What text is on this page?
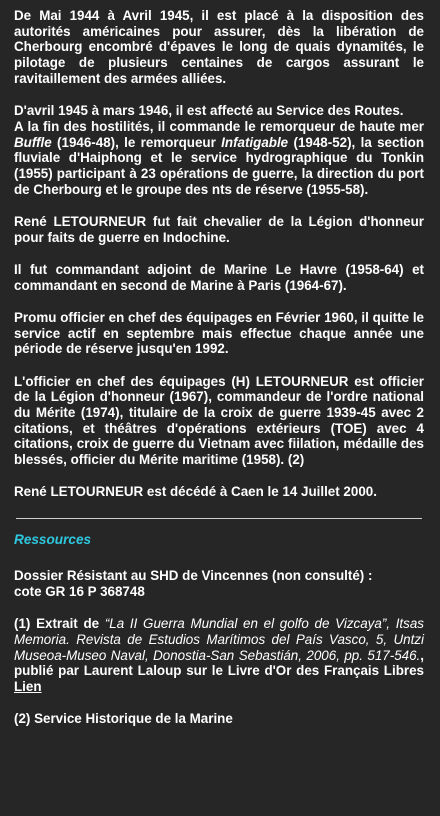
De Mai 1944 à Avril 1945, il est placé à la disposition des autorités américaines pour assurer, dès la libération de Cherbourg encombré d'épaves le long de quais dynamités, le pilotage de plusieurs centaines de cargos assurant le ravitaillement des armées alliées.

D'avril 1945 à mars 1946, il est affecté au Service des Routes.
A la fin des hostilités, il commande le remorqueur de haute mer Buffle (1946-48), le remorqueur Infatigable (1948-52), la section fluviale d'Haiphong et le service hydrographique du Tonkin (1955) participant à 23 opérations de guerre, la direction du port de Cherbourg et le groupe des nts de réserve (1955-58).

René LETOURNEUR fut fait chevalier de la Légion d'honneur pour faits de guerre en Indochine.

Il fut commandant adjoint de Marine Le Havre (1958-64) et commandant en second de Marine à Paris (1964-67).

Promu officier en chef des équipages en Février 1960, il quitte le service actif en septembre mais effectue chaque année une période de réserve jusqu'en 1992.

L'officier en chef des équipages (H) LETOURNEUR est officier de la Légion d'honneur (1967), commandeur de l'ordre national du Mérite (1974), titulaire de la croix de guerre 1939-45 avec 2 citations, et théâtres d'opérations extérieurs (TOE) avec 4 citations, croix de guerre du Vietnam avec fiilation, médaille des blessés, officier du Mérite maritime (1958). (2)

René LETOURNEUR est décédé à Caen le 14 Juillet 2000.

Ressources

Dossier Résistant au SHD de Vincennes (non consulté) :
cote GR 16 P 368748

(1) Extrait de “La II Guerra Mundial en el golfo de Vizcaya”, Itsas Memoria. Revista de Estudios Marítimos del País Vasco, 5, Untzi Museoa-Museo Naval, Donostia-San Sebastián, 2006, pp. 517-546., publié par Laurent Laloup sur le Livre d'Or des Français Libres Lien

(2) Service Historique de la Marine
